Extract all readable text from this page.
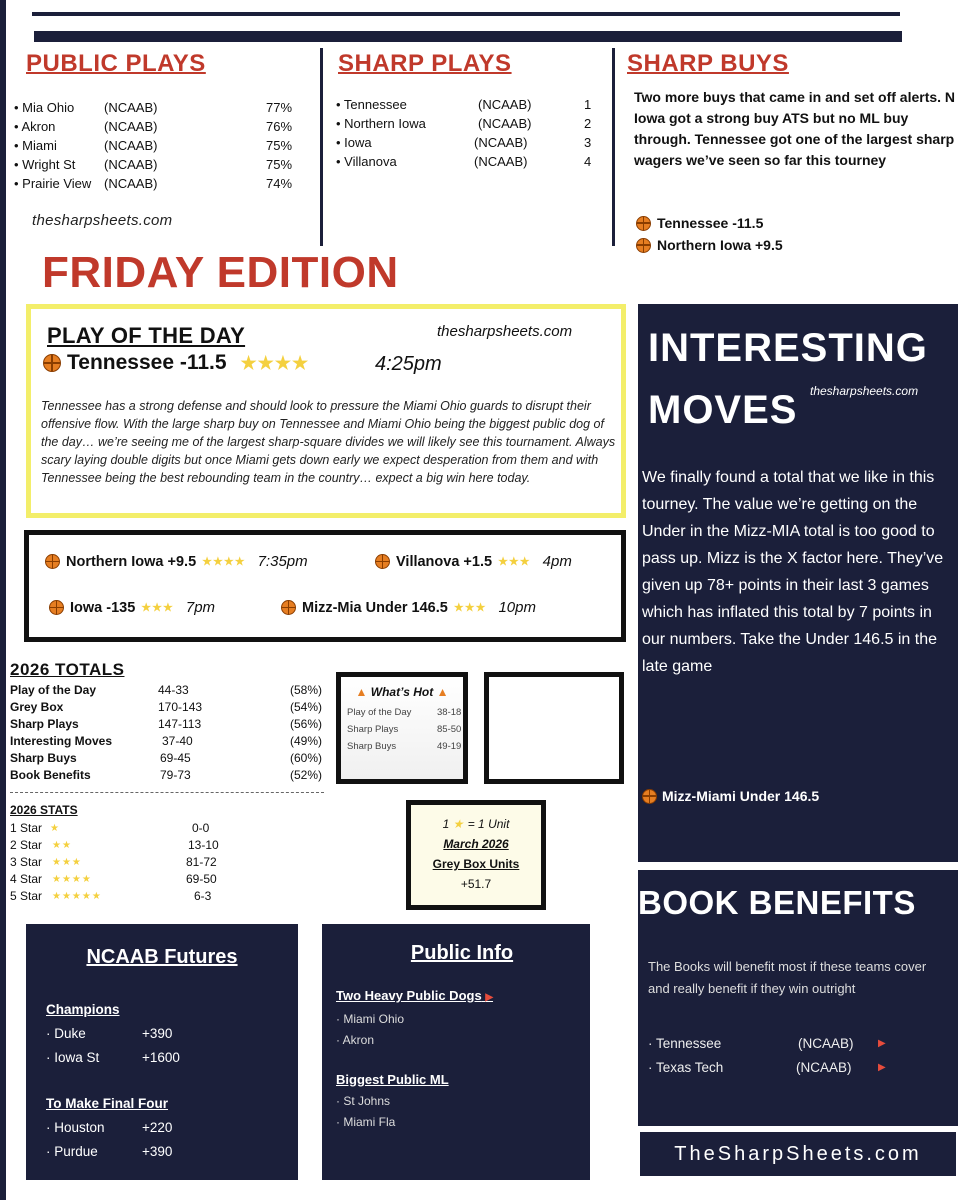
PUBLIC PLAYS
• Mia Ohio (NCAAB)	77%
• Akron	(NCAAB)	76%
• Miami	(NCAAB)	75%
• Wright St (NCAAB)	75%
• Prairie View (NCAAB)	74%
thesharpsheets.com
SHARP PLAYS
• Tennessee	(NCAAB)	1
• Northern Iowa	(NCAAB)	2
• Iowa	(NCAAB)	3
• Villanova	(NCAAB)	4
SHARP BUYS
Two more buys that came in and set off alerts. N Iowa got a strong buy ATS but no ML buy through. Tennessee got one of the largest sharp wagers we’ve seen so far this tourney
Tennessee -11.5
Northern Iowa +9.5
FRIDAY EDITION
PLAY OF THE DAY	thesharpsheets.com
Tennessee -11.5 ★★★★	4:25pm
Tennessee has a strong defense and should look to pressure the Miami Ohio guards to disrupt their offensive flow. With the large sharp buy on Tennessee and Miami Ohio being the biggest public dog of the day… we’re seeing me of the largest sharp-square divides we will likely see this tournament. Always scary laying double digits but once Miami gets down early we expect desperation from them and with Tennessee being the best rebounding team in the country… expect a big win here today.
Northern Iowa +9.5 ★★★★ 7:35pm	Villanova +1.5 ★★★ 4pm
Iowa -135 ★★★ 7pm	Mizz-Mia Under 146.5 ★★★ 10pm
INTERESTING
MOVES thesharpsheets.com
We finally found a total that we like in this tourney. The value we’re getting on the Under in the Mizz-MIA total is too good to pass up. Mizz is the X factor here. They’ve given up 78+ points in their last 3 games which has inflated this total by 7 points in our numbers. Take the Under 146.5 in the late game
Mizz-Miami Under 146.5
BOOK BENEFITS
The Books will benefit most if these teams cover and really benefit if they win outright
· Tennessee	(NCAAB) ▶
· Texas Tech	(NCAAB)	▶
TheSharpSheets.com
2026 TOTALS
Play of the Day	44-33	(58%)
Grey Box	170-143	(54%)
Sharp Plays	147-113	(56%)
Interesting Moves	37-40	(49%)
Sharp Buys	69-45	(60%)
Book Benefits	79-73	(52%)
2026 STATS
1 Star ★	0-0
2 Star ★★	13-10
3 Star ★★★	81-72
4 Star ★★★★	69-50
5 Star ★★★★★	6-3
▲ What’s Hot ▲
Play of the Day	38-18
Sharp Plays	85-50
Sharp Buys	49-19
1 ★ = 1 Unit
March 2026
Grey Box Units
+51.7
NCAAB Futures
Champions
· Duke	+390
· Iowa St	+1600
To Make Final Four
· Houston	+220
· Purdue	+390
Public Info
Two Heavy Public Dogs ▶
· Miami Ohio
· Akron
Biggest Public ML
· St Johns
· Miami Fla
